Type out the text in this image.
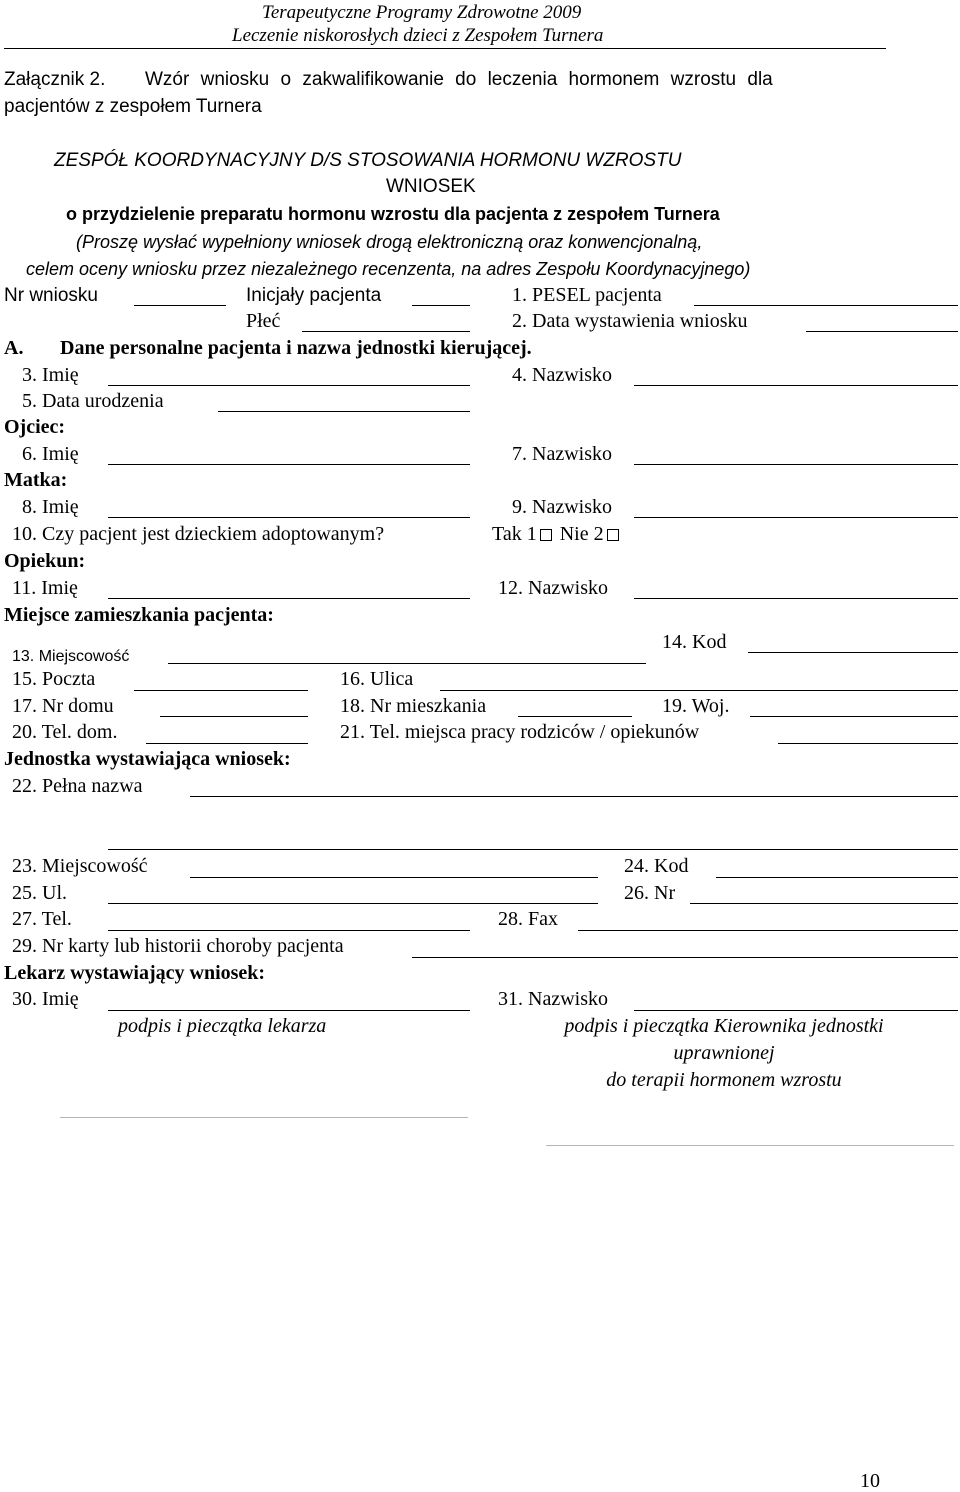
Terapeutyczne Programy Zdrowotne 2009
Leczenie niskorosłych dzieci z Zespołem Turnera
Załącznik 2. Wzór wniosku o zakwalifikowanie do leczenia hormonem wzrostu dla
pacjentów z zespołem Turnera
ZESPÓŁ KOORDYNACYJNY D/S STOSOWANIA HORMONU WZROSTU
WNIOSEK
o przydzielenie preparatu hormonu wzrostu dla pacjenta z zespołem Turnera
(Proszę wysłać wypełniony wniosek drogą elektroniczną oraz konwencjonalną,
celem oceny wniosku przez niezależnego recenzenta, na adres Zespołu Koordynacyjnego)
Nr wniosku	Inicjały pacjenta	1. PESEL pacjenta
Płeć	2. Data wystawienia wniosku
A. Dane personalne pacjenta i nazwa jednostki kierującej.
3. Imię	4. Nazwisko
5. Data urodzenia
Ojciec:
6. Imię	7. Nazwisko
Matka:
8. Imię	9. Nazwisko
10. Czy pacjent jest dzieckiem adoptowanym?	Tak 1 Nie 2
Opiekun:
11. Imię	12. Nazwisko
Miejsce zamieszkania pacjenta:
13. Miejscowość
14. Kod
15. Poczta	16. Ulica
17. Nr domu	18. Nr mieszkania	19. Woj.
20. Tel. dom.	21. Tel. miejsca pracy rodziców / opiekunów
Jednostka wystawiająca wniosek:
22. Pełna nazwa
23. Miejscowość	24. Kod
25. Ul.	26. Nr
27. Tel.	28. Fax
29. Nr karty lub historii choroby pacjenta
Lekarz wystawiający wniosek:
30. Imię	31. Nazwisko
podpis i pieczątka lekarza	podpis i pieczątka Kierownika jednostki
uprawnionej
do terapii hormonem wzrostu
10
